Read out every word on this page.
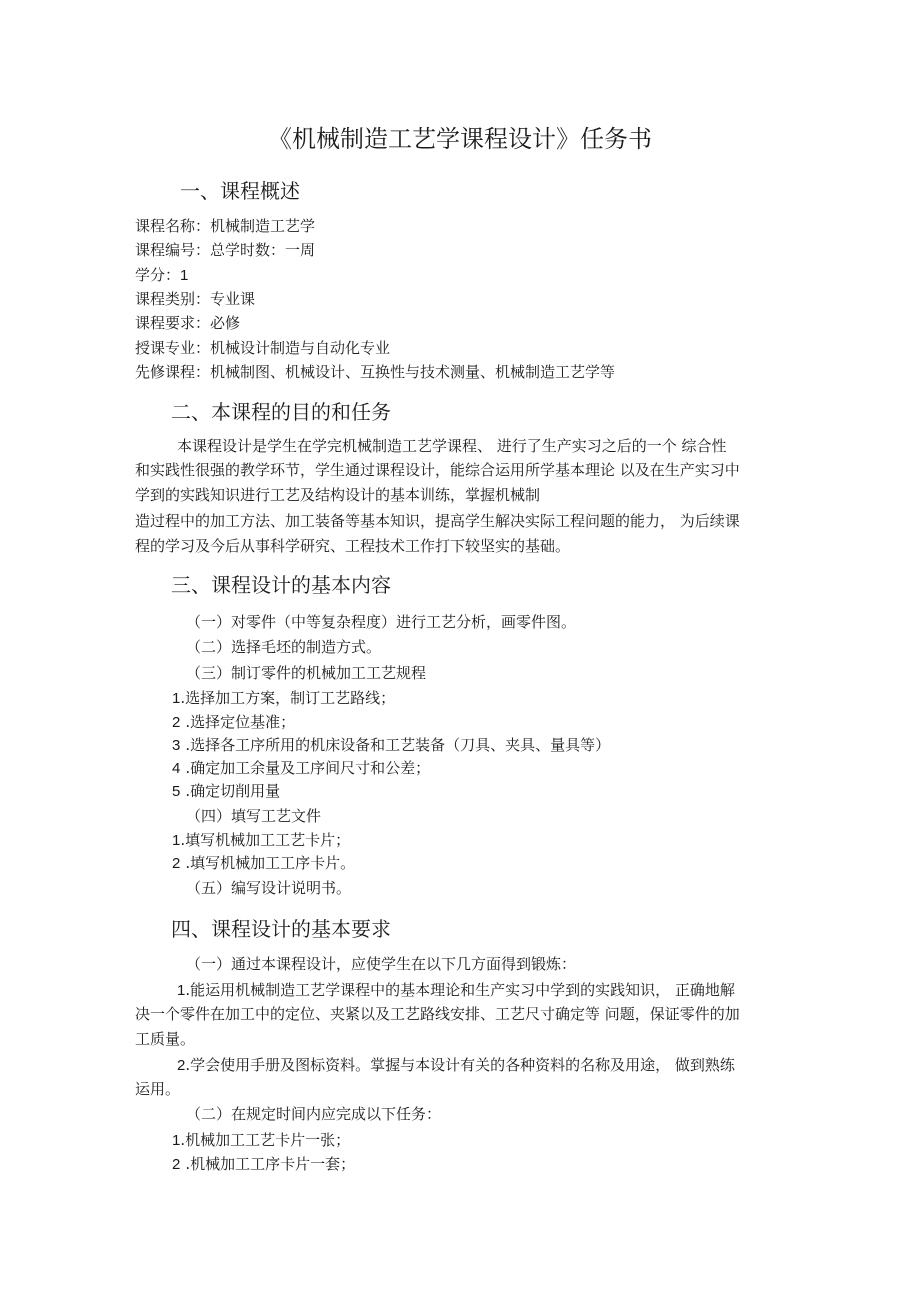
《机械制造工艺学课程设计》任务书
一、课程概述
课程名称：机械制造工艺学
课程编号：总学时数：一周
学分：1
课程类别：专业课
课程要求：必修
授课专业：机械设计制造与自动化专业
先修课程：机械制图、机械设计、互换性与技术测量、机械制造工艺学等
二、本课程的目的和任务
本课程设计是学生在学完机械制造工艺学课程、 进行了生产实习之后的一个 综合性
和实践性很强的教学环节，学生通过课程设计，能综合运用所学基本理论 以及在生产实习中
学到的实践知识进行工艺及结构设计的基本训练，掌握机械制
造过程中的加工方法、加工装备等基本知识，提高学生解决实际工程问题的能力， 为后续课
程的学习及今后从事科学研究、工程技术工作打下较坚实的基础。
三、课程设计的基本内容
（一）对零件（中等复杂程度）进行工艺分析，画零件图。
（二）选择毛坯的制造方式。
（三）制订零件的机械加工工艺规程
1.选择加工方案，制订工艺路线；
2 .选择定位基准；
3 .选择各工序所用的机床设备和工艺装备（刀具、夹具、量具等）
4 .确定加工余量及工序间尺寸和公差；
5 .确定切削用量
（四）填写工艺文件
1.填写机械加工工艺卡片；
2 .填写机械加工工序卡片。
（五）编写设计说明书。
四、课程设计的基本要求
（一）通过本课程设计，应使学生在以下几方面得到锻炼：
1.能运用机械制造工艺学课程中的基本理论和生产实习中学到的实践知识， 正确地解
决一个零件在加工中的定位、夹紧以及工艺路线安排、工艺尺寸确定等 问题，保证零件的加
工质量。
2.学会使用手册及图标资料。掌握与本设计有关的各种资料的名称及用途， 做到熟练
运用。
（二）在规定时间内应完成以下任务：
1.机械加工工艺卡片一张；
2 .机械加工工序卡片一套；
